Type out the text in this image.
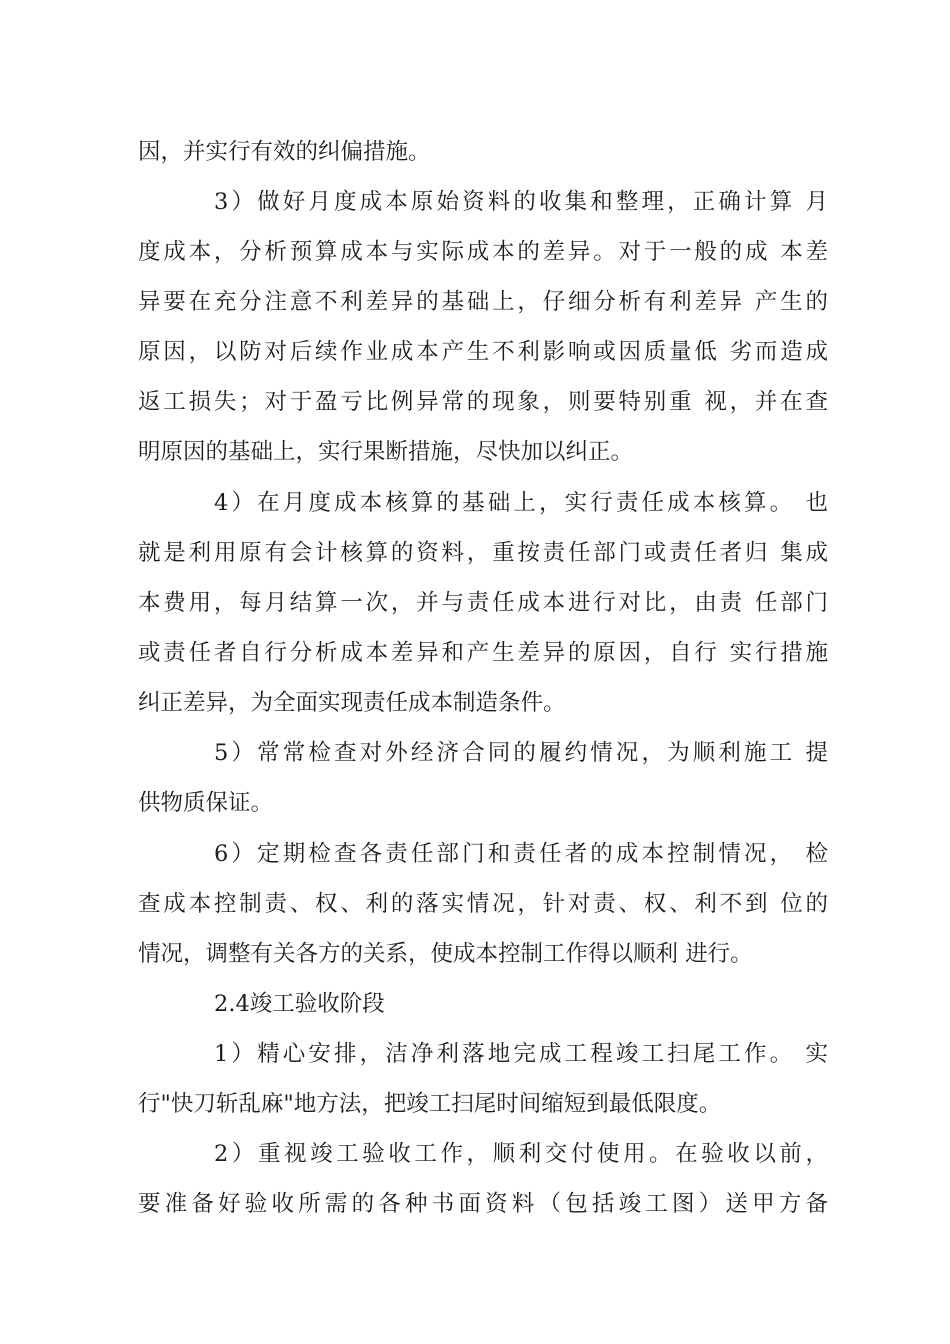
因，并实行有效的纠偏措施。
3）做好月度成本原始资料的收集和整理，正确计算 月
度成本，分析预算成本与实际成本的差异。对于一般的成 本差
异要在充分注意不利差异的基础上，仔细分析有利差异 产生的
原因，以防对后续作业成本产生不利影响或因质量低 劣而造成
返工损失；对于盈亏比例异常的现象，则要特别重 视，并在查
明原因的基础上，实行果断措施，尽快加以纠正。
4）在月度成本核算的基础上，实行责任成本核算。 也
就是利用原有会计核算的资料，重按责任部门或责任者归 集成
本费用，每月结算一次，并与责任成本进行对比，由责 任部门
或责任者自行分析成本差异和产生差异的原因，自行 实行措施
纠正差异，为全面实现责任成本制造条件。
5）常常检查对外经济合同的履约情况，为顺利施工 提
供物质保证。
6）定期检查各责任部门和责任者的成本控制情况， 检
查成本控制责、权、利的落实情况，针对责、权、利不到 位的
情况，调整有关各方的关系，使成本控制工作得以顺利 进行。
2.4竣工验收阶段
1）精心安排，洁净利落地完成工程竣工扫尾工作。 实
行"快刀斩乱麻"地方法，把竣工扫尾时间缩短到最低限度。
2）重视竣工验收工作，顺利交付使用。在验收以前，
要准备好验收所需的各种书面资料（包括竣工图）送甲方备
